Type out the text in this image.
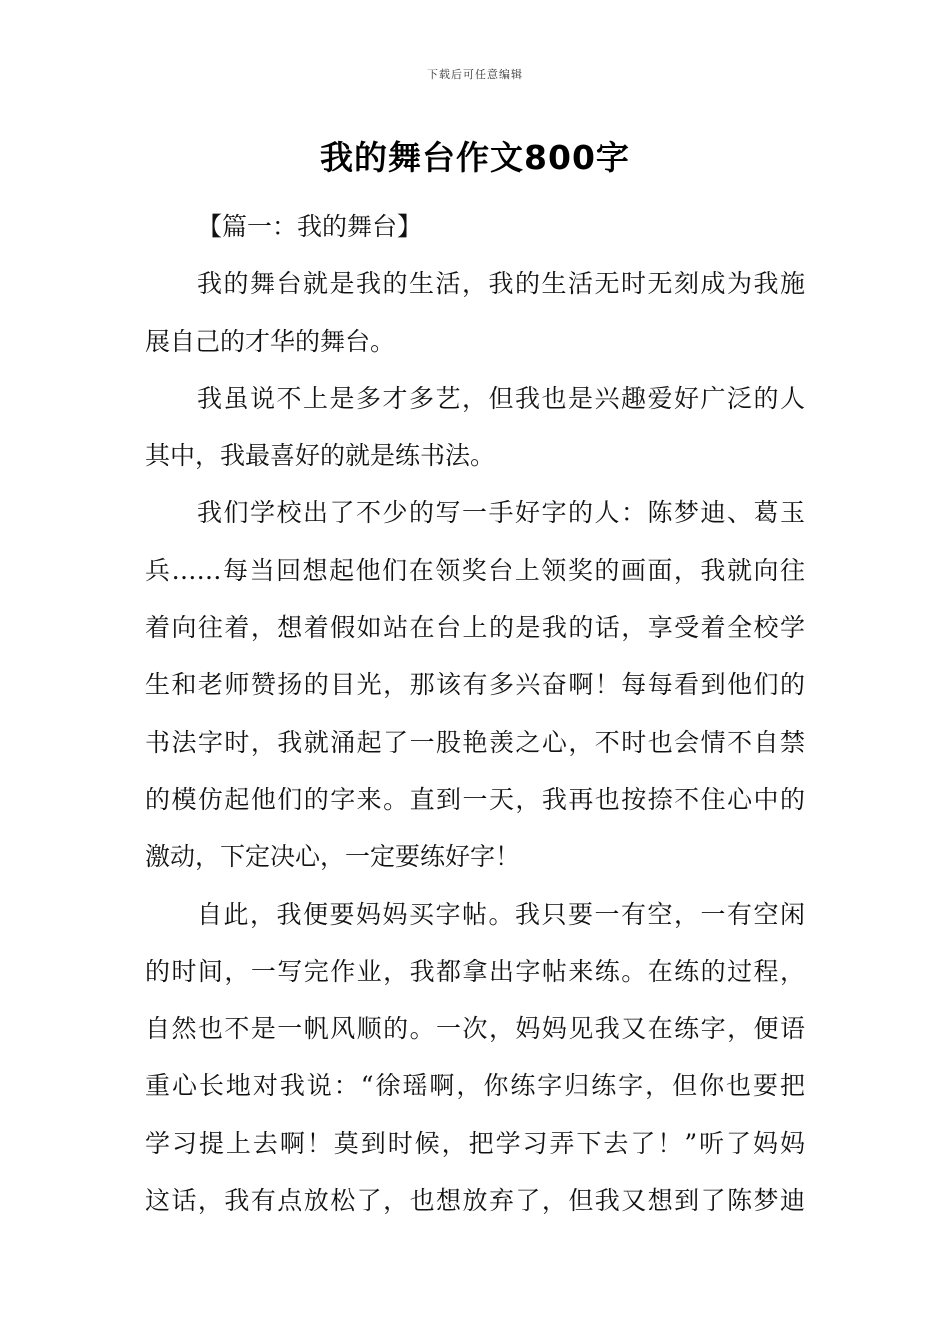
下载后可任意编辑
我的舞台作文800字
【篇一：我的舞台】
我的舞台就是我的生活，我的生活无时无刻成为我施
展自己的才华的舞台。
我虽说不上是多才多艺，但我也是兴趣爱好广泛的人
其中，我最喜好的就是练书法。
我们学校出了不少的写一手好字的人：陈梦迪、葛玉
兵……每当回想起他们在领奖台上领奖的画面，我就向往
着向往着，想着假如站在台上的是我的话，享受着全校学
生和老师赞扬的目光，那该有多兴奋啊！每每看到他们的
书法字时，我就涌起了一股艳羡之心，不时也会情不自禁
的模仿起他们的字来。直到一天，我再也按捺不住心中的
激动，下定决心，一定要练好字！
自此，我便要妈妈买字帖。我只要一有空，一有空闲
的时间，一写完作业，我都拿出字帖来练。在练的过程，
自然也不是一帆风顺的。一次，妈妈见我又在练字，便语
重心长地对我说：“徐瑶啊，你练字归练字，但你也要把
学习提上去啊！莫到时候，把学习弄下去了！”听了妈妈
这话，我有点放松了，也想放弃了，但我又想到了陈梦迪
